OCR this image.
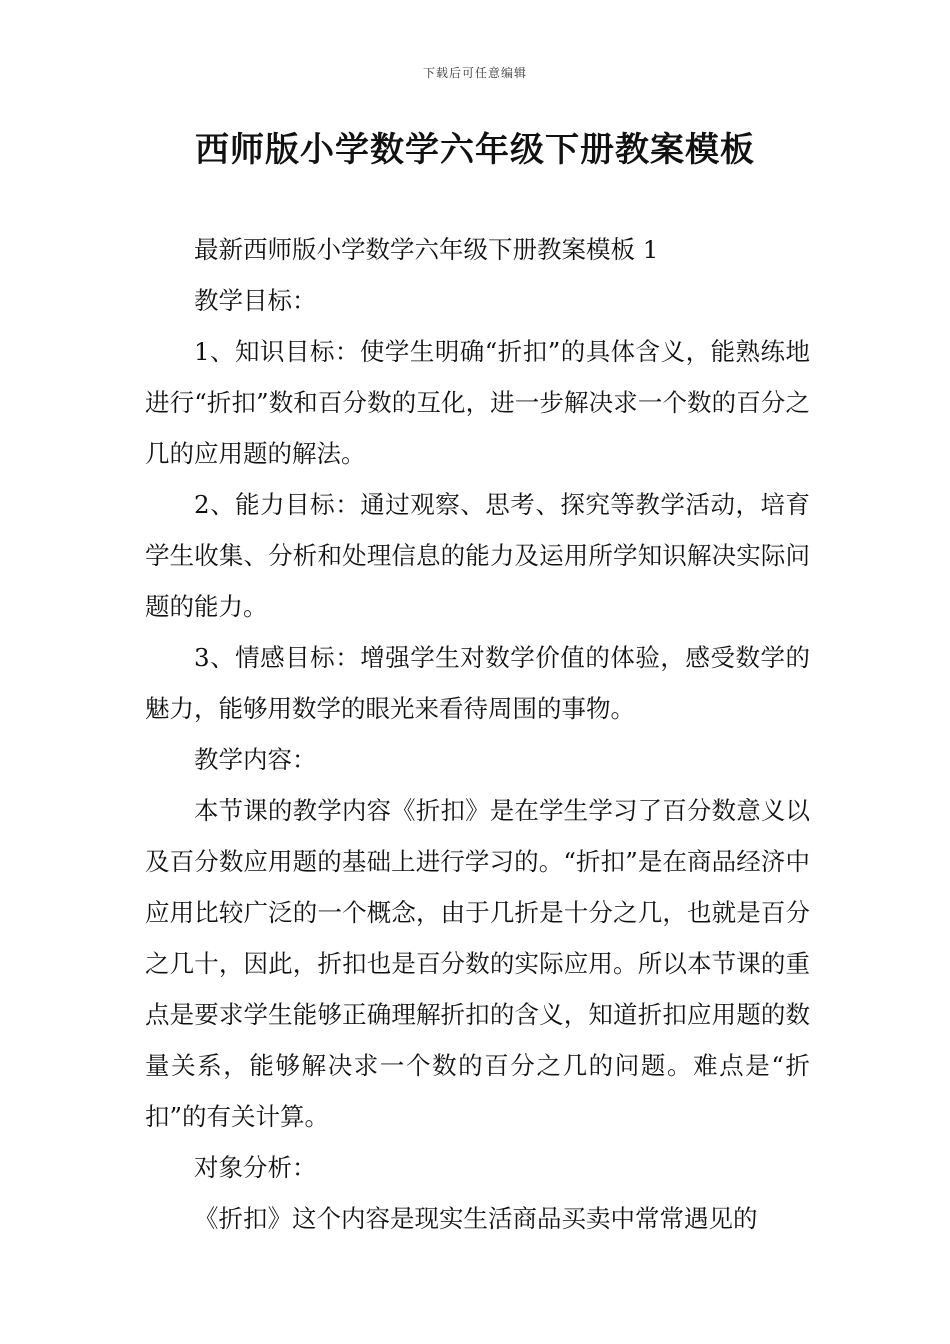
下载后可任意编辑
西师版小学数学六年级下册教案模板

最新西师版小学数学六年级下册教案模板 1

教学目标：

1、知识目标：使学生明确“折扣”的具体含义，能熟练地进行“折扣”数和百分数的互化，进一步解决求一个数的百分之几的应用题的解法。

2、能力目标：通过观察、思考、探究等教学活动，培育学生收集、分析和处理信息的能力及运用所学知识解决实际问题的能力。

3、情感目标：增强学生对数学价值的体验，感受数学的魅力，能够用数学的眼光来看待周围的事物。

教学内容：

本节课的教学内容《折扣》是在学生学习了百分数意义以及百分数应用题的基础上进行学习的。“折扣”是在商品经济中应用比较广泛的一个概念，由于几折是十分之几，也就是百分之几十，因此，折扣也是百分数的实际应用。所以本节课的重点是要求学生能够正确理解折扣的含义，知道折扣应用题的数量关系，能够解决求一个数的百分之几的问题。难点是“折扣”的有关计算。

对象分析：

《折扣》这个内容是现实生活商品买卖中常常遇见的
